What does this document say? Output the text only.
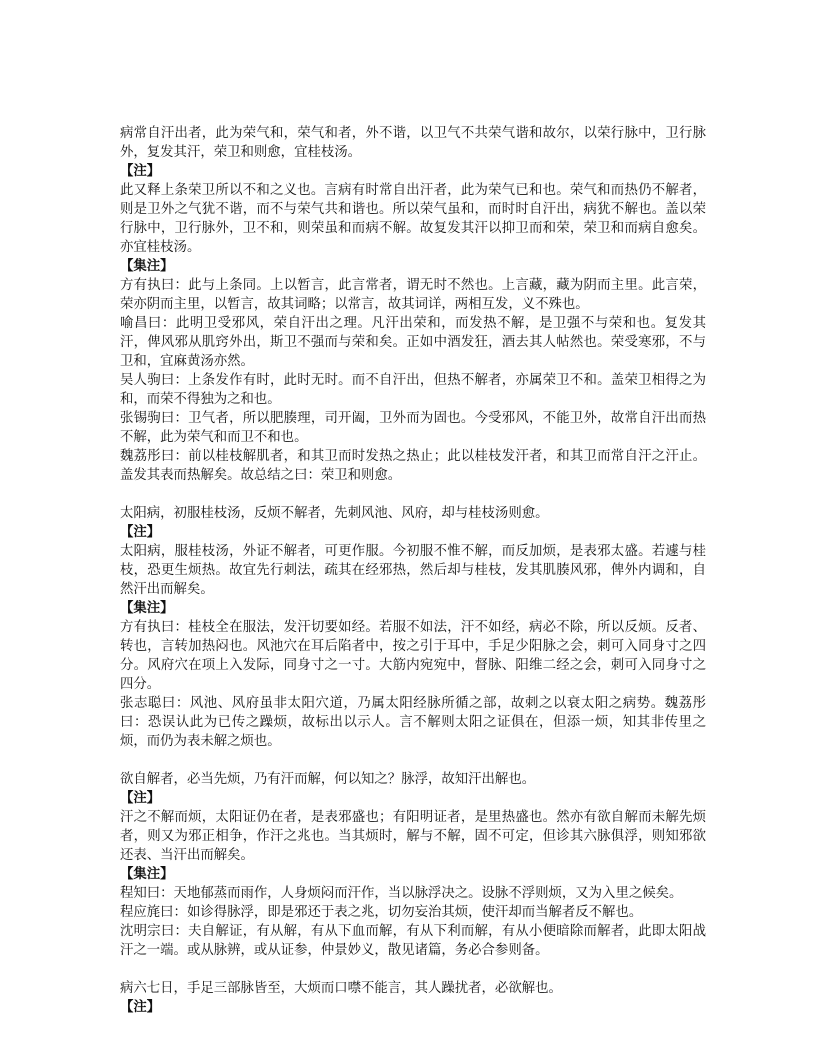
病常自汗出者，此为荣气和，荣气和者，外不谐，以卫气不共荣气谐和故尔，以荣行脉中，卫行脉外，复发其汗，荣卫和则愈，宜桂枝汤。

【注】

此又释上条荣卫所以不和之义也。言病有时常自出汗者，此为荣气已和也。荣气和而热仍不解者，则是卫外之气犹不谐，而不与荣气共和谐也。所以荣气虽和，而时时自汗出，病犹不解也。盖以荣行脉中，卫行脉外，卫不和，则荣虽和而病不解。故复发其汗以抑卫而和荣，荣卫和而病自愈矣。亦宜桂枝汤。

【集注】

方有执曰：此与上条同。上以暂言，此言常者，谓无时不然也。上言藏，藏为阴而主里。此言荣，荣亦阴而主里，以暂言，故其词略；以常言，故其词详，两相互发，义不殊也。

喻昌曰：此明卫受邪风，荣自汗出之理。凡汗出荣和，而发热不解，是卫强不与荣和也。复发其汗，俾风邪从肌窍外出，斯卫不强而与荣和矣。正如中酒发狂，酒去其人帖然也。荣受寒邪，不与卫和，宜麻黄汤亦然。

吴人驹曰：上条发作有时，此时无时。而不自汗出，但热不解者，亦属荣卫不和。盖荣卫相得之为和，而荣不得独为之和也。

张锡驹曰：卫气者，所以肥腠理，司开阖，卫外而为固也。今受邪风，不能卫外，故常自汗出而热不解，此为荣气和而卫不和也。

魏荔彤曰：前以桂枝解肌者，和其卫而时发热之热止；此以桂枝发汗者，和其卫而常自汗之汗止。盖发其表而热解矣。故总结之曰：荣卫和则愈。

太阳病，初服桂枝汤，反烦不解者，先刺风池、风府，却与桂枝汤则愈。

【注】

太阳病，服桂枝汤，外证不解者，可更作服。今初服不惟不解，而反加烦，是表邪太盛。若遽与桂枝，恐更生烦热。故宜先行刺法，疏其在经邪热，然后却与桂枝，发其肌腠风邪，俾外内调和，自然汗出而解矣。

【集注】

方有执曰：桂枝全在服法，发汗切要如经。若服不如法，汗不如经，病必不除，所以反烦。反者、转也，言转加热闷也。风池穴在耳后陷者中，按之引于耳中，手足少阳脉之会，刺可入同身寸之四分。风府穴在项上入发际，同身寸之一寸。大筋内宛宛中，督脉、阳维二经之会，刺可入同身寸之四分。

张志聪曰：风池、风府虽非太阳穴道，乃属太阳经脉所循之部，故刺之以衰太阳之病势。魏荔彤曰：恐误认此为已传之躁烦，故标出以示人。言不解则太阳之证俱在，但添一烦，知其非传里之烦，而仍为表未解之烦也。

欲自解者，必当先烦，乃有汗而解，何以知之？脉浮，故知汗出解也。

【注】

汗之不解而烦，太阳证仍在者，是表邪盛也；有阳明证者，是里热盛也。然亦有欲自解而未解先烦者，则又为邪正相争，作汗之兆也。当其烦时，解与不解，固不可定，但诊其六脉俱浮，则知邪欲还表、当汗出而解矣。

【集注】

程知曰：天地郁蒸而雨作，人身烦闷而汗作，当以脉浮决之。设脉不浮则烦，又为入里之候矣。

程应旄曰：如诊得脉浮，即是邪还于表之兆，切勿妄治其烦，使汗却而当解者反不解也。

沈明宗曰：夫自解证，有从解，有从下血而解，有从下利而解，有从小便暗除而解者，此即太阳战汗之一端。或从脉辨，或从证参，仲景妙义，散见诸篇，务必合参则备。

病六七日，手足三部脉皆至，大烦而口噤不能言，其人躁扰者，必欲解也。

【注】
